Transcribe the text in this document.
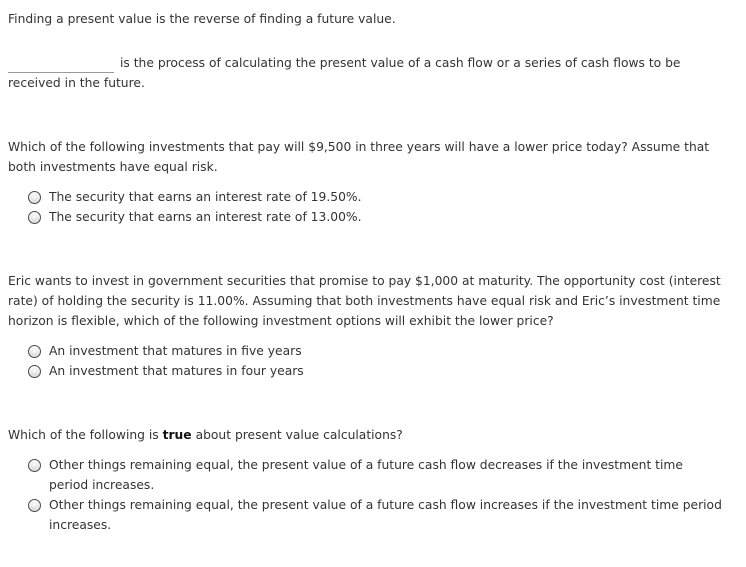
Finding a present value is the reverse of finding a future value.
is the process of calculating the present value of a cash flow or a series of cash flows to be received in the future.
Which of the following investments that pay will $9,500 in three years will have a lower price today? Assume that both investments have equal risk.
The security that earns an interest rate of 19.50%.
The security that earns an interest rate of 13.00%.
Eric wants to invest in government securities that promise to pay $1,000 at maturity. The opportunity cost (interest rate) of holding the security is 11.00%. Assuming that both investments have equal risk and Eric’s investment time horizon is flexible, which of the following investment options will exhibit the lower price?
An investment that matures in five years
An investment that matures in four years
Which of the following is true about present value calculations?
Other things remaining equal, the present value of a future cash flow decreases if the investment time period increases.
Other things remaining equal, the present value of a future cash flow increases if the investment time period increases.
